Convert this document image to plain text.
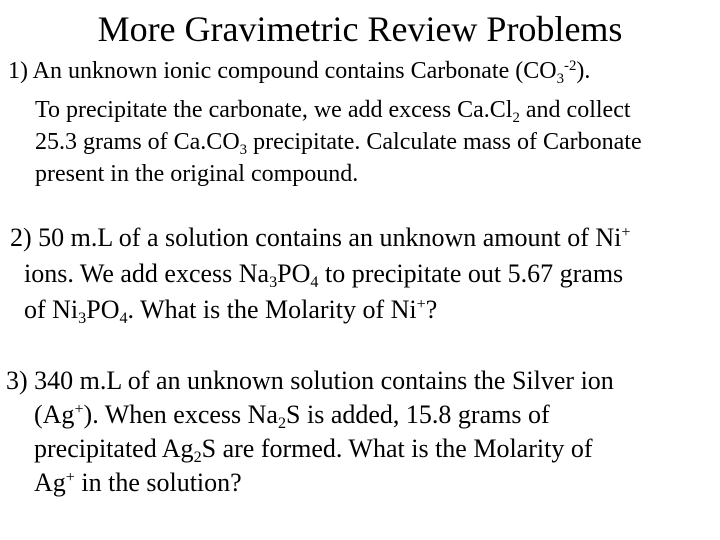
More Gravimetric Review Problems
1) An unknown ionic compound contains Carbonate $(CO_3^{-2})$.
To precipitate the carbonate, we add excess $Ca.Cl_2$ and collect
25.3 grams of $Ca.CO_3$ precipitate. Calculate mass of Carbonate
present in the original compound.
2) 50 m.L of a solution contains an unknown amount of Ni+
ions. We add excess $Na_3PO_4$ to precipitate out 5.67 grams
of $Ni_3PO_4$. What is the Molarity of Ni+?
3) 340 m.L of an unknown solution contains the Silver ion
(Ag+). When excess $Na_2S$ is added, 15.8 grams of
precipitated $Ag_2S$ are formed. What is the Molarity of
Ag+ in the solution?
